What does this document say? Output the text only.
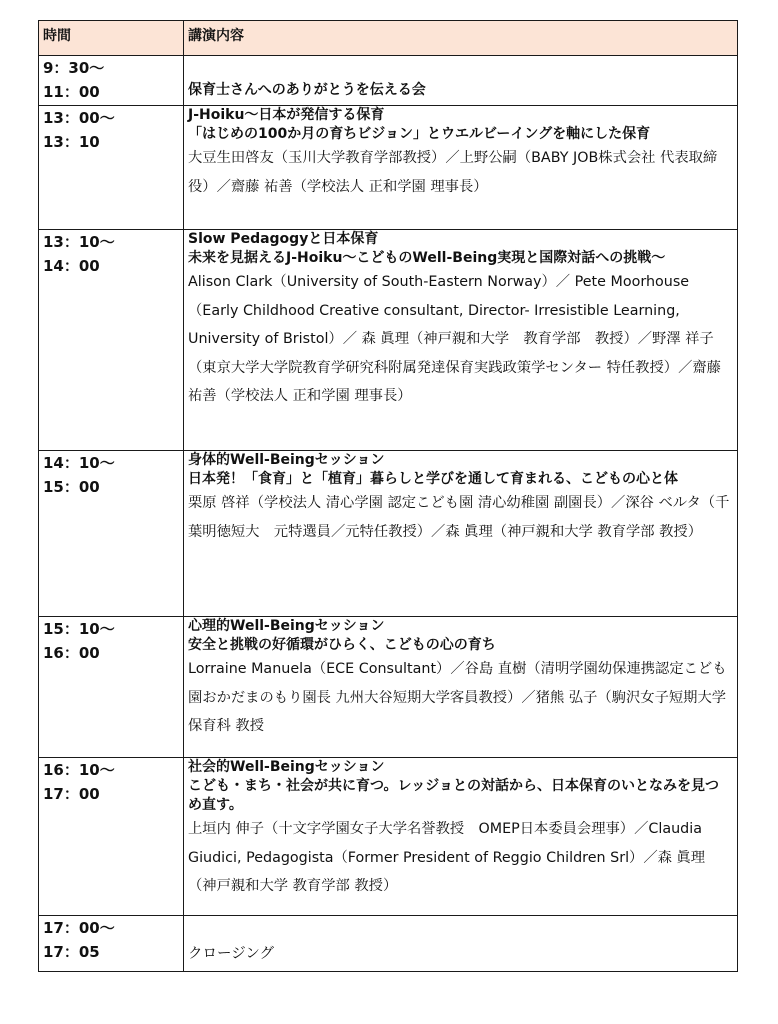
時間	講演内容

9：30〜
11：00	保育士さんへのありがとうを伝える会

13：00〜
13：10	J-Hoiku〜日本が発信する保育
「はじめの100か月の育ちビジョン」とウエルビーイングを軸にした保育
大豆生田啓友（玉川大学教育学部教授）／上野公嗣（BABY JOB株式会社 代表取締役）／齋藤 祐善（学校法人 正和学園 理事長）

13：10〜
14：00	Slow Pedagogyと日本保育
未来を見据えるJ-Hoiku〜こどものWell-Being実現と国際対話への挑戦〜
Alison Clark（University of South-Eastern Norway）／ Pete Moorhouse（Early Childhood Creative consultant, Director- Irresistible Learning, University of Bristol）／ 森 眞理（神戸親和大学　教育学部　教授）／野澤 祥子（東京大学大学院教育学研究科附属発達保育実践政策学センター 特任教授）／齋藤 祐善（学校法人 正和学園 理事長）

14：10〜
15：00	身体的Well-Beingセッション
日本発！「食育」と「植育」暮らしと学びを通して育まれる、こどもの心と体
栗原 啓祥（学校法人 清心学園 認定こども園 清心幼稚園 副園長）／深谷 ベルタ（千葉明徳短大　元特選員／元特任教授）／森 眞理（神戸親和大学 教育学部 教授）

15：10〜
16：00	心理的Well-Beingセッション
安全と挑戦の好循環がひらく、こどもの心の育ち
Lorraine Manuela（ECE Consultant）／谷島 直樹（清明学園幼保連携認定こども園おかだまのもり園長 九州大谷短期大学客員教授）／猪熊 弘子（駒沢女子短期大学 保育科 教授

16：10〜
17：00	社会的Well-Beingセッション
こども・まち・社会が共に育つ。レッジョとの対話から、日本保育のいとなみを見つめ直す。
上垣内 伸子（十文字学園女子大学名誉教授　OMEP日本委員会理事）／Claudia Giudici, Pedagogista（Former President of Reggio Children Srl）／森 眞理（神戸親和大学 教育学部 教授）

17：00〜
17：05	クロージング
